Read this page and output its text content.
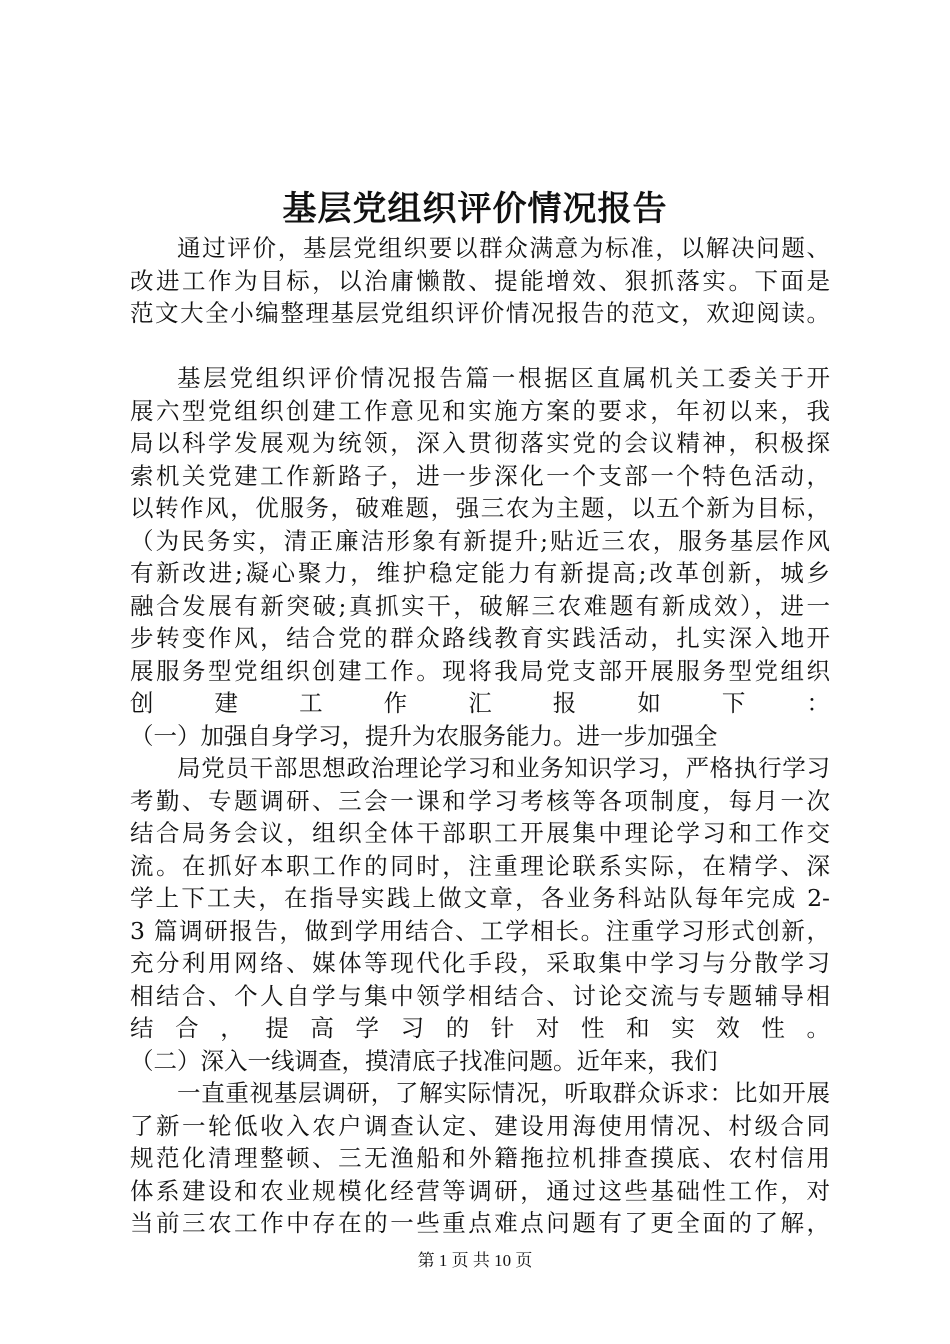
基层党组织评价情况报告
通过评价，基层党组织要以群众满意为标准，以解决问题、
改进工作为目标，以治庸懒散、提能增效、狠抓落实。下面是
范文大全小编整理基层党组织评价情况报告的范文，欢迎阅读。
基层党组织评价情况报告篇一根据区直属机关工委关于开
展六型党组织创建工作意见和实施方案的要求，年初以来，我
局以科学发展观为统领，深入贯彻落实党的会议精神，积极探
索机关党建工作新路子，进一步深化一个支部一个特色活动，
以转作风，优服务，破难题，强三农为主题，以五个新为目标，
（为民务实，清正廉洁形象有新提升;贴近三农，服务基层作风
有新改进;凝心聚力，维护稳定能力有新提高;改革创新，城乡
融合发展有新突破;真抓实干，破解三农难题有新成效），进一
步转变作风，结合党的群众路线教育实践活动，扎实深入地开
展服务型党组织创建工作。现将我局党支部开展服务型党组织
创建工作汇报如下：
（一）加强自身学习，提升为农服务能力。进一步加强全
局党员干部思想政治理论学习和业务知识学习，严格执行学习
考勤、专题调研、三会一课和学习考核等各项制度，每月一次
结合局务会议，组织全体干部职工开展集中理论学习和工作交
流。在抓好本职工作的同时，注重理论联系实际，在精学、深
学上下工夫，在指导实践上做文章，各业务科站队每年完成 2-
3 篇调研报告，做到学用结合、工学相长。注重学习形式创新，
充分利用网络、媒体等现代化手段，采取集中学习与分散学习
相结合、个人自学与集中领学相结合、讨论交流与专题辅导相
结合，提高学习的针对性和实效性。
（二）深入一线调查，摸清底子找准问题。近年来，我们
一直重视基层调研，了解实际情况，听取群众诉求：比如开展
了新一轮低收入农户调查认定、建设用海使用情况、村级合同
规范化清理整顿、三无渔船和外籍拖拉机排查摸底、农村信用
体系建设和农业规模化经营等调研，通过这些基础性工作，对
当前三农工作中存在的一些重点难点问题有了更全面的了解，
第 1 页 共 10 页
